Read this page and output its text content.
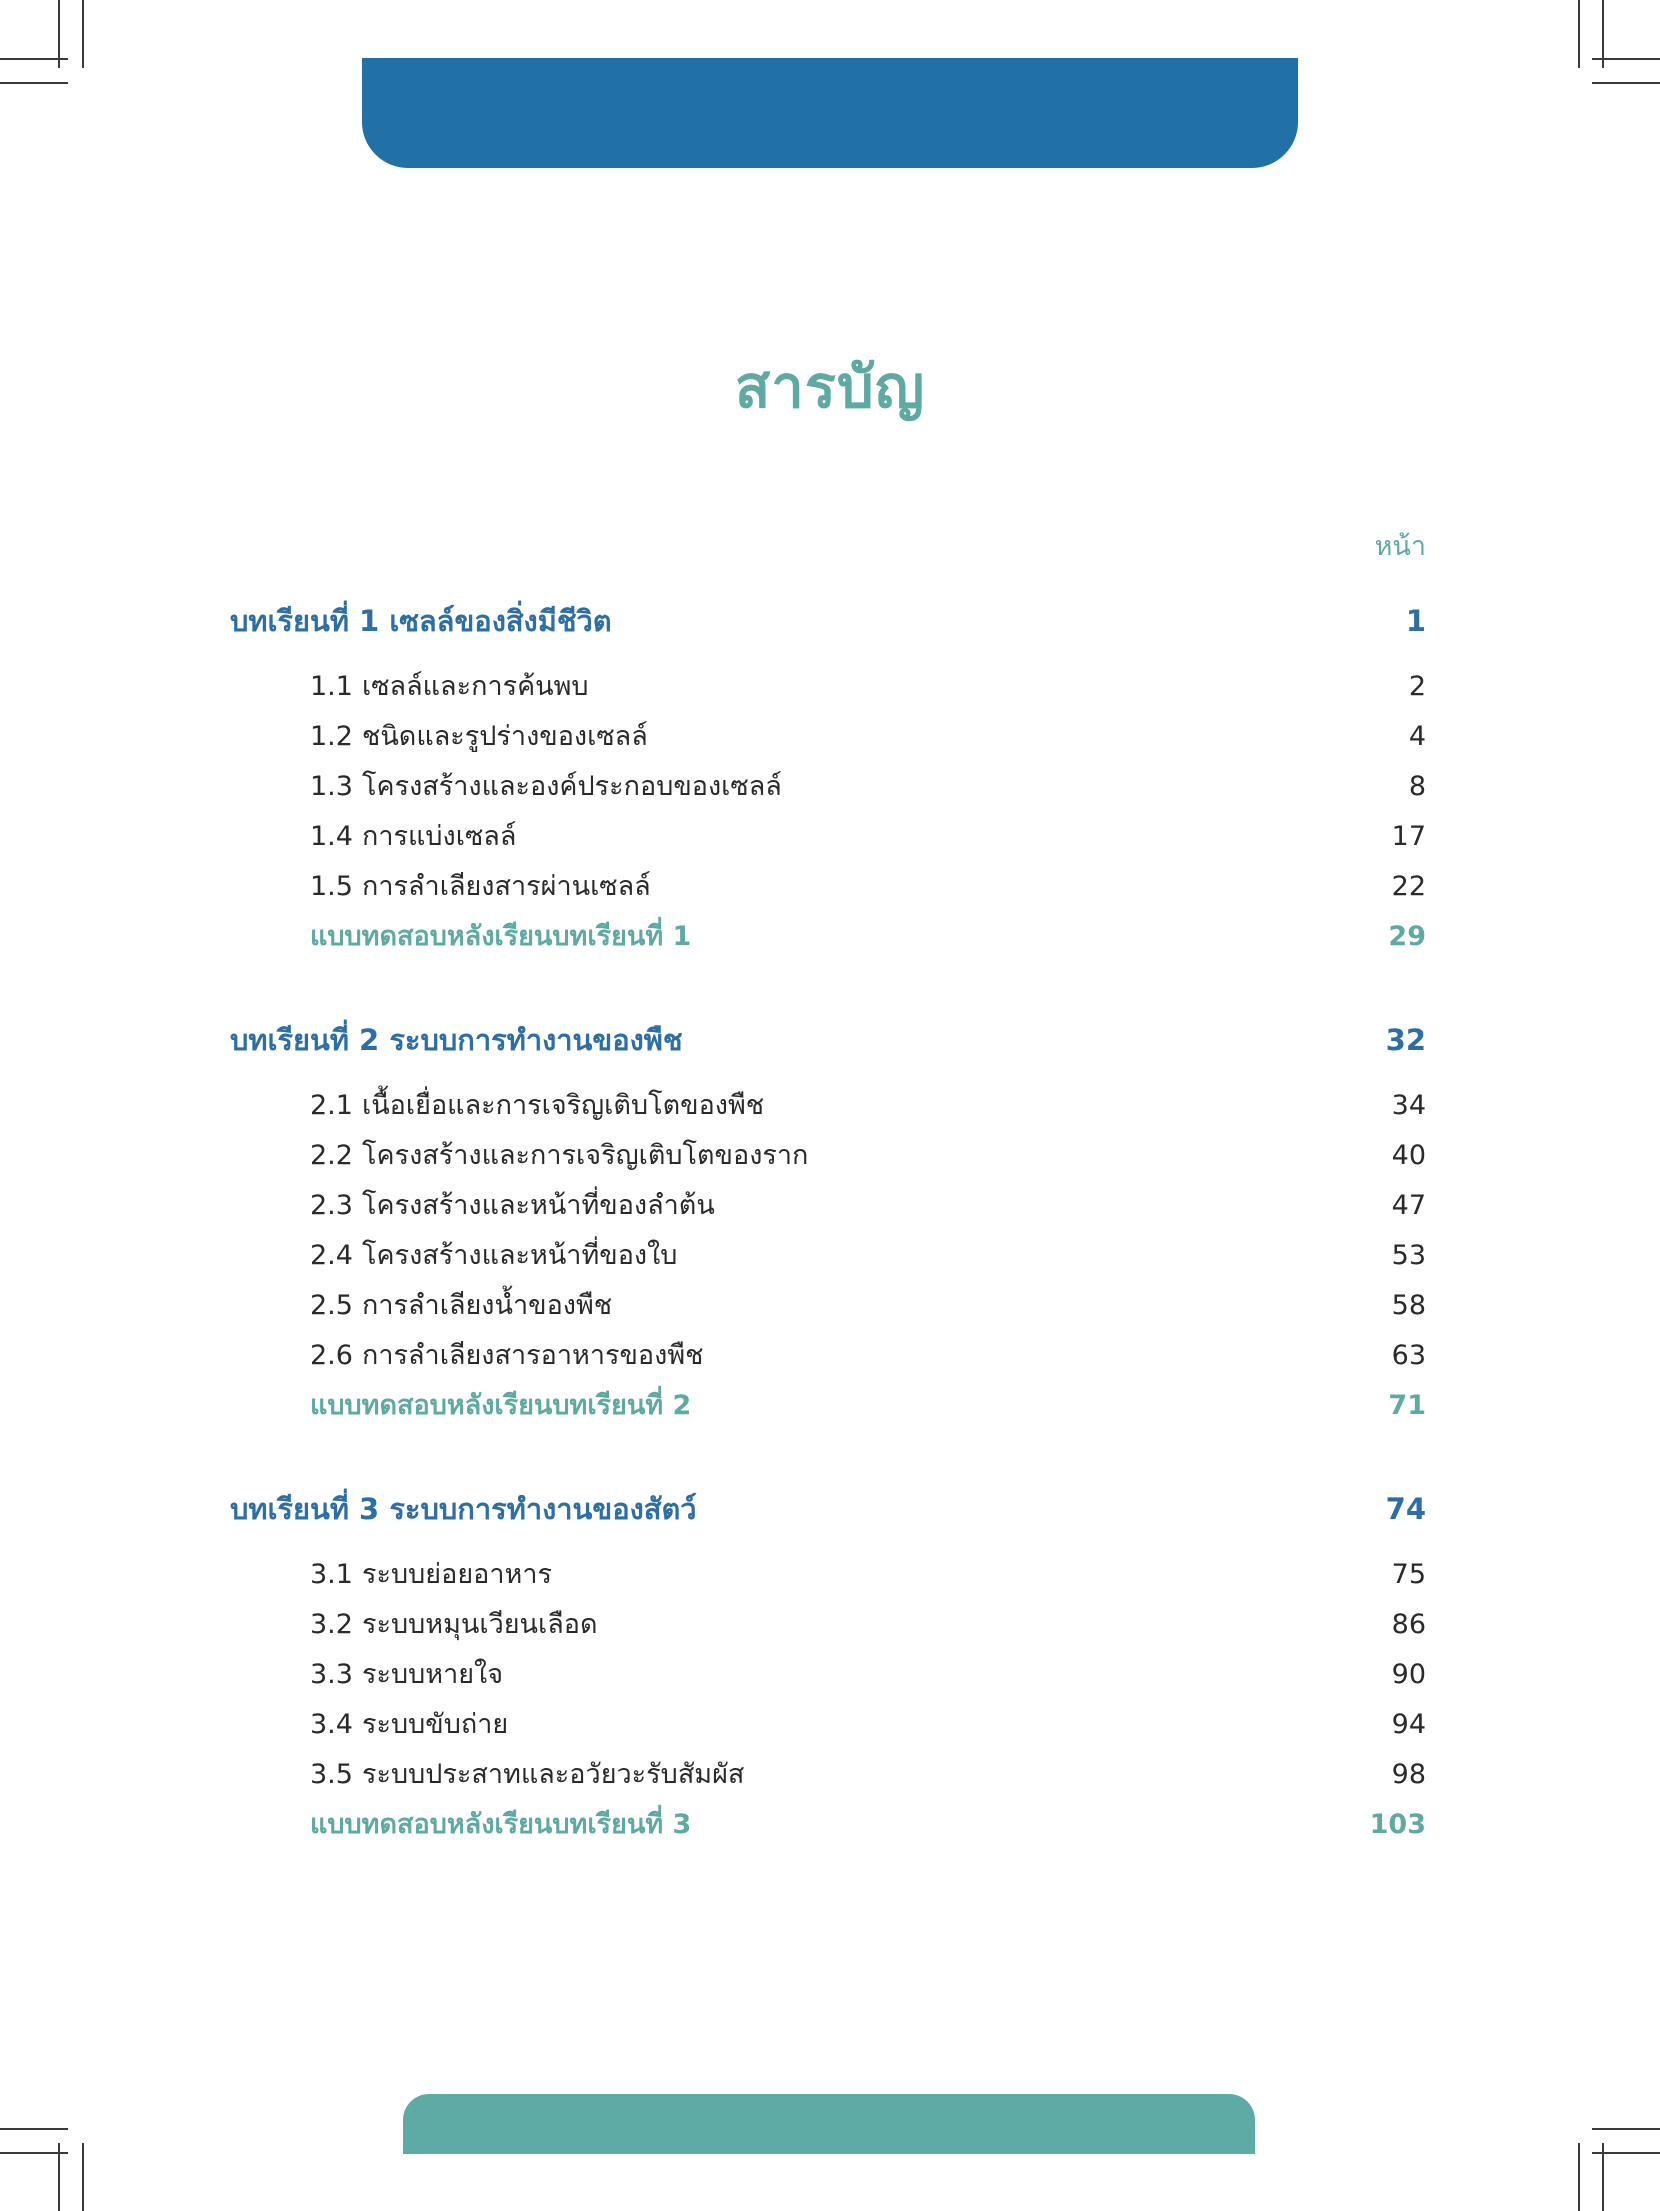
สารบัญ
หน้า
บทเรียนที่ 1 เซลล์ของสิ่งมีชีวิต	1
1.1 เซลล์และการค้นพบ	2
1.2 ชนิดและรูปร่างของเซลล์	4
1.3 โครงสร้างและองค์ประกอบของเซลล์	8
1.4 การแบ่งเซลล์	17
1.5 การลำเลียงสารผ่านเซลล์	22
แบบทดสอบหลังเรียนบทเรียนที่ 1	29
บทเรียนที่ 2 ระบบการทำงานของพืช	32
2.1 เนื้อเยื่อและการเจริญเติบโตของพืช	34
2.2 โครงสร้างและการเจริญเติบโตของราก	40
2.3 โครงสร้างและหน้าที่ของลำต้น	47
2.4 โครงสร้างและหน้าที่ของใบ	53
2.5 การลำเลียงน้ำของพืช	58
2.6 การลำเลียงสารอาหารของพืช	63
แบบทดสอบหลังเรียนบทเรียนที่ 2	71
บทเรียนที่ 3 ระบบการทำงานของสัตว์	74
3.1 ระบบย่อยอาหาร	75
3.2 ระบบหมุนเวียนเลือด	86
3.3 ระบบหายใจ	90
3.4 ระบบขับถ่าย	94
3.5 ระบบประสาทและอวัยวะรับสัมผัส	98
แบบทดสอบหลังเรียนบทเรียนที่ 3	103
